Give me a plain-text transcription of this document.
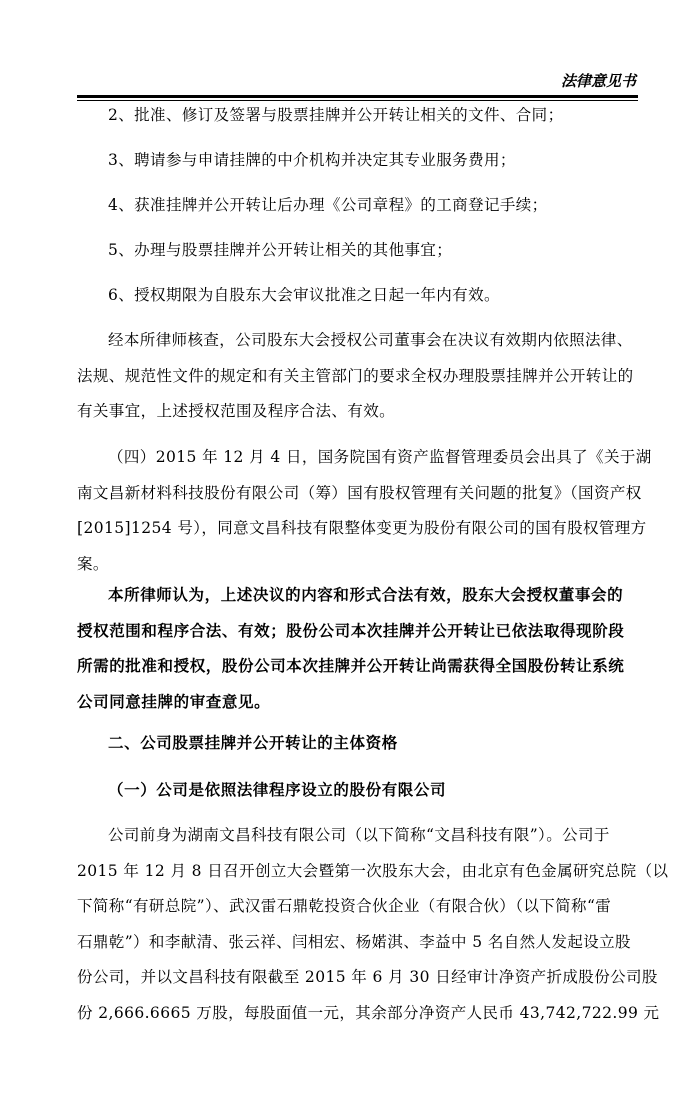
法律意见书

2、批准、修订及签署与股票挂牌并公开转让相关的文件、合同；

3、聘请参与申请挂牌的中介机构并决定其专业服务费用；

4、获准挂牌并公开转让后办理《公司章程》的工商登记手续；

5、办理与股票挂牌并公开转让相关的其他事宜；

6、授权期限为自股东大会审议批准之日起一年内有效。

经本所律师核查，公司股东大会授权公司董事会在决议有效期内依照法律、
法规、规范性文件的规定和有关主管部门的要求全权办理股票挂牌并公开转让的
有关事宜，上述授权范围及程序合法、有效。
（四）2015 年 12 月 4 日，国务院国有资产监督管理委员会出具了《关于湖
南文昌新材料科技股份有限公司（筹）国有股权管理有关问题的批复》（国资产权
[2015]1254 号），同意文昌科技有限整体变更为股份有限公司的国有股权管理方
案。
本所律师认为，上述决议的内容和形式合法有效，股东大会授权董事会的
授权范围和程序合法、有效；股份公司本次挂牌并公开转让已依法取得现阶段
所需的批准和授权，股份公司本次挂牌并公开转让尚需获得全国股份转让系统
公司同意挂牌的审查意见。

二、公司股票挂牌并公开转让的主体资格

（一）公司是依照法律程序设立的股份有限公司

公司前身为湖南文昌科技有限公司（以下简称“文昌科技有限”）。公司于
2015 年 12 月 8 日召开创立大会暨第一次股东大会，由北京有色金属研究总院（以
下简称“有研总院”）、武汉雷石鼎乾投资合伙企业（有限合伙）（以下简称“雷
石鼎乾”）和李献清、张云祥、闫相宏、杨婼淇、李益中 5 名自然人发起设立股
份公司，并以文昌科技有限截至 2015 年 6 月 30 日经审计净资产折成股份公司股
份 2,666.6665 万股，每股面值一元，其余部分净资产人民币 43,742,722.99 元
